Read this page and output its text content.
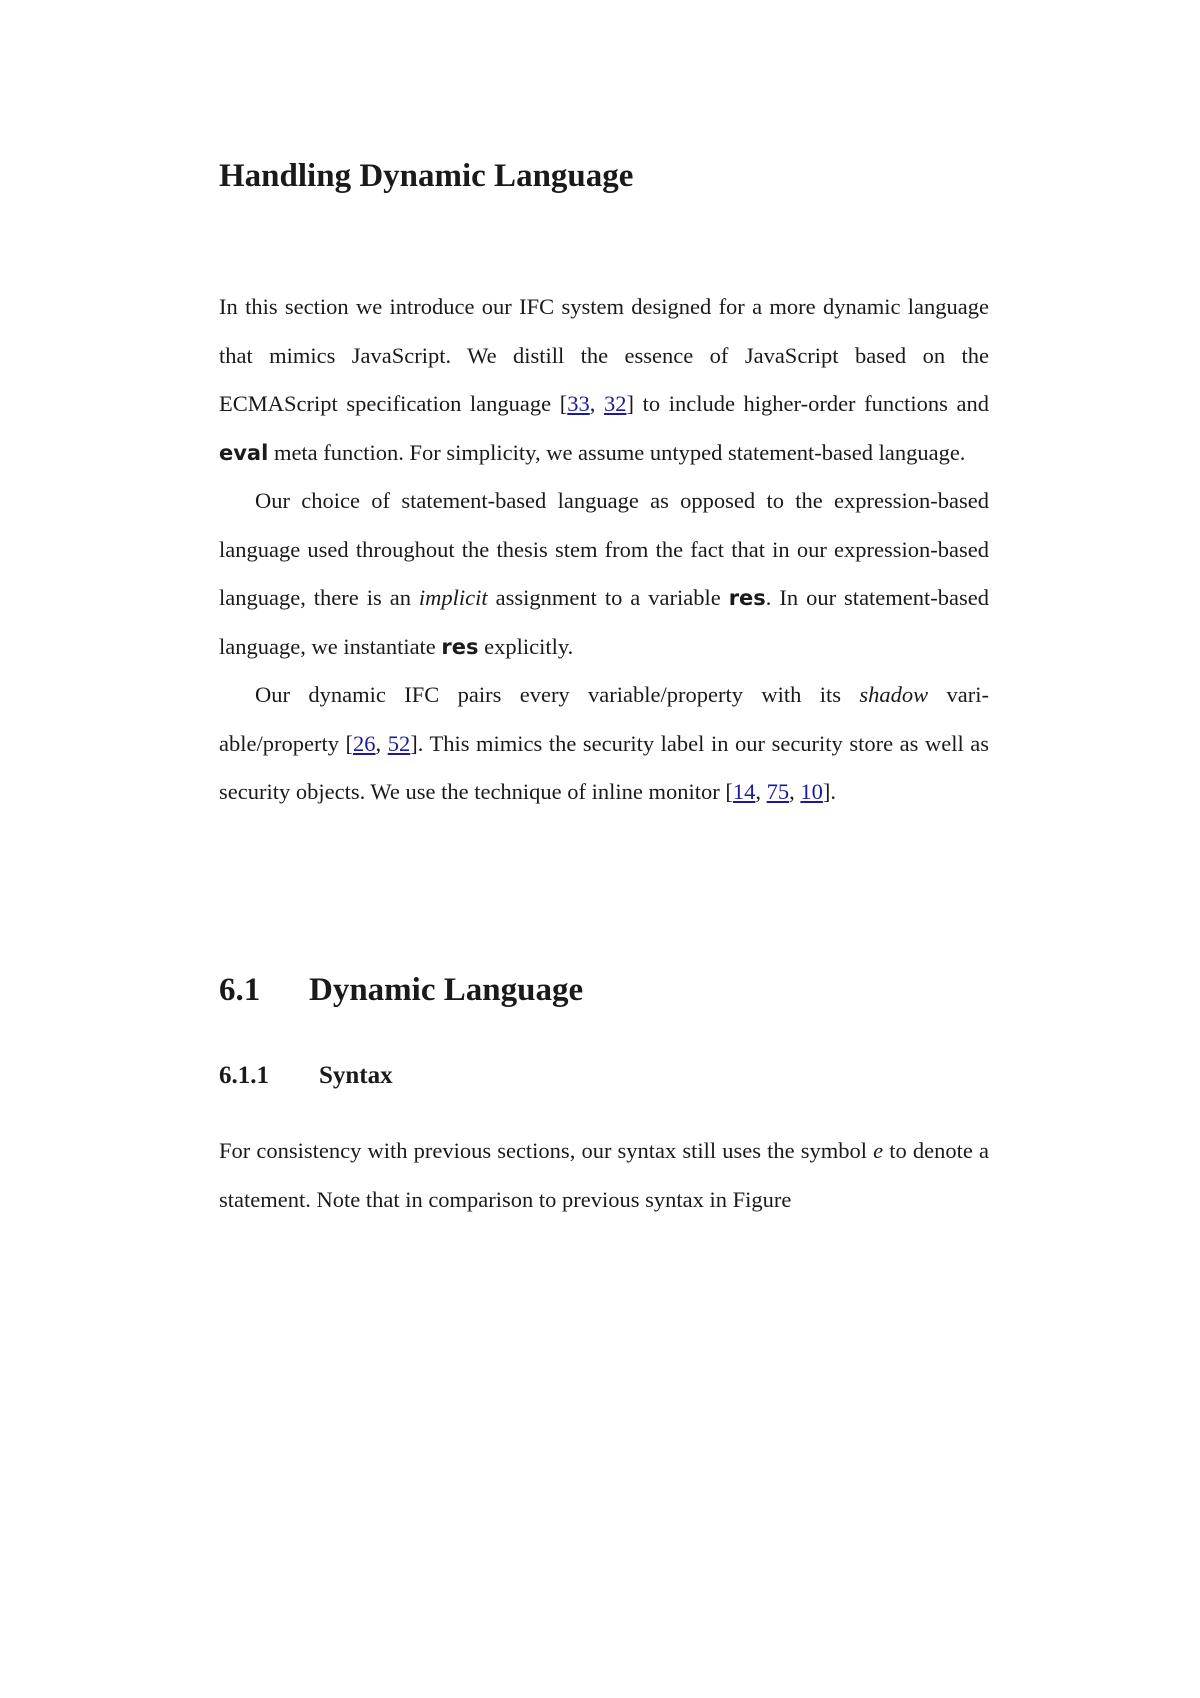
Handling Dynamic Language

In this section we introduce our IFC system designed for a more dynamic language that mimics JavaScript. We distill the essence of JavaScript based on the ECMAScript specification language [33, 32] to include higher-order functions and eval meta function. For simplicity, we assume untyped statement-based language.

Our choice of statement-based language as opposed to the expression-based language used throughout the thesis stem from the fact that in our expression-based language, there is an implicit assignment to a variable res. In our statement-based language, we instantiate res explicitly.

Our dynamic IFC pairs every variable/property with its shadow vari- able/property [26, 52]. This mimics the security label in our security store as well as security objects. We use the technique of inline monitor [14, 75, 10].

6.1 Dynamic Language
6.1.1 Syntax

For consistency with previous sections, our syntax still uses the symbol e to denote a statement. Note that in comparison to previous syntax in Figure
